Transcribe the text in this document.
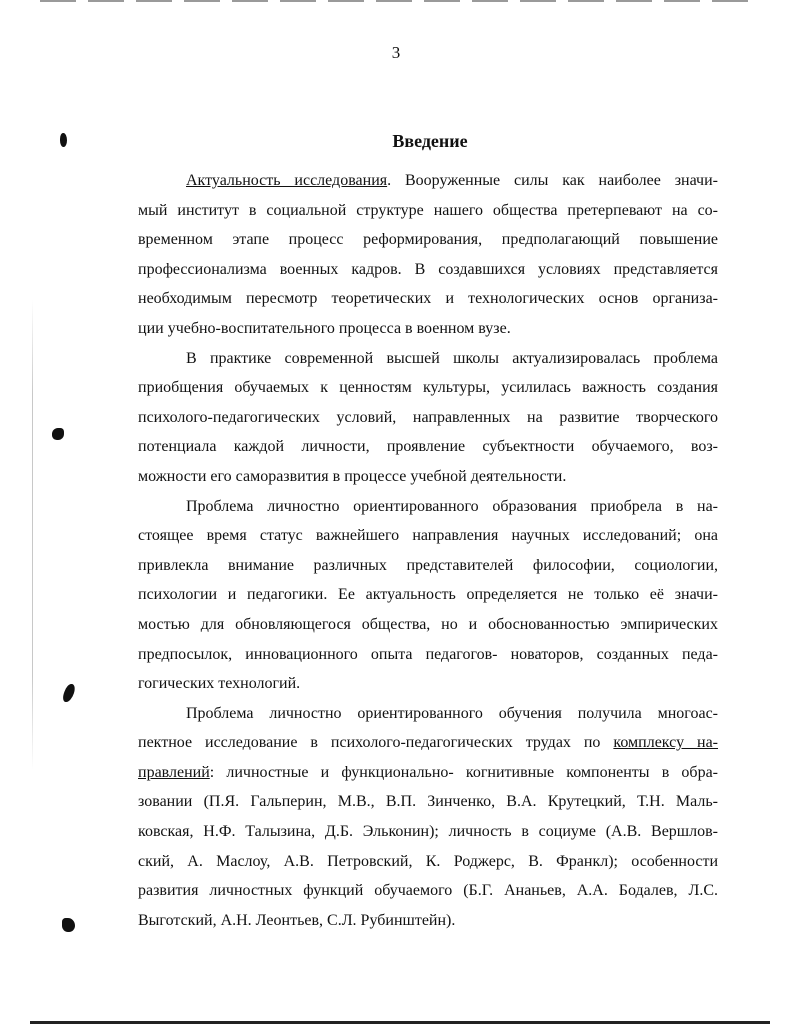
3
Введение
Актуальность исследования. Вооруженные силы как наиболее значи-
мый институт в социальной структуре нашего общества претерпевают на со-
временном этапе процесс реформирования, предполагающий повышение
профессионализма военных кадров. В создавшихся условиях представляется
необходимым пересмотр теоретических и технологических основ организа-
ции учебно-воспитательного процесса в военном вузе.
В практике современной высшей школы актуализировалась проблема
приобщения обучаемых к ценностям культуры, усилилась важность создания
психолого-педагогических условий, направленных на развитие творческого
потенциала каждой личности, проявление субъектности обучаемого, воз-
можности его саморазвития в процессе учебной деятельности.
Проблема личностно ориентированного образования приобрела в на-
стоящее время статус важнейшего направления научных исследований; она
привлекла внимание различных представителей философии, социологии,
психологии и педагогики. Ее актуальность определяется не только её значи-
мостью для обновляющегося общества, но и обоснованностью эмпирических
предпосылок, инновационного опыта педагогов- новаторов, созданных педа-
гогических технологий.
Проблема личностно ориентированного обучения получила многоас-
пектное исследование в психолого-педагогических трудах по комплексу на-
правлений: личностные и функционально- когнитивные компоненты в обра-
зовании (П.Я. Гальперин, М.В., В.П. Зинченко, В.А. Крутецкий, Т.Н. Маль-
ковская, Н.Ф. Талызина, Д.Б. Эльконин); личность в социуме (А.В. Вершлов-
ский, А. Маслоу, А.В. Петровский, К. Роджерс, В. Франкл); особенности
развития личностных функций обучаемого (Б.Г. Ананьев, А.А. Бодалев, Л.С.
Выготский, А.Н. Леонтьев, С.Л. Рубинштейн).
